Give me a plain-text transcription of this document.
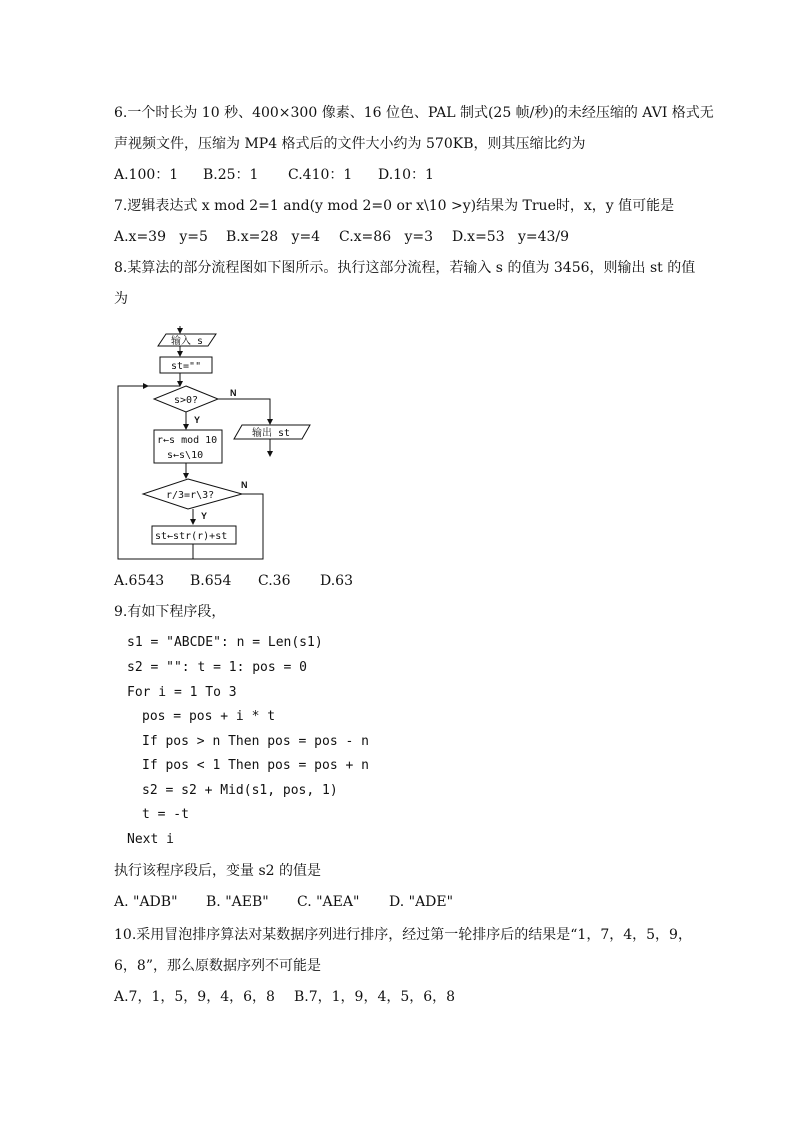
6.一个时长为 10 秒、400×300 像素、16 位色、PAL 制式(25 帧/秒)的未经压缩的 AVI 格式无
声视频文件，压缩为 MP4 格式后的文件大小约为 570KB，则其压缩比约为
A.100：1 B.25：1 C.410：1 D.10：1
7.逻辑表达式 x mod 2=1 and(y mod 2=0 or x\10 >y)结果为 True时，x，y 值可能是
A.x=39   y=5 B.x=28   y=4 C.x=86   y=3 D.x=53   y=43/9
8.某算法的部分流程图如下图所示。执行这部分流程，若输入 s 的值为 3456，则输出 st 的值
为
输入 s
st=""
s>0?
N
Y
输出 st
r←s mod 10
s←s\10
r/3=r\3?
N
Y
st←str(r)+st
A.6543 B.654 C.36 D.63
9.有如下程序段，
s1 = "ABCDE": n = Len(s1)
s2 = "": t = 1: pos = 0
For i = 1 To 3
pos = pos + i * t
If pos > n Then pos = pos - n
If pos < 1 Then pos = pos + n
s2 = s2 + Mid(s1, pos, 1)
t = -t
Next i
执行该程序段后，变量 s2 的值是
A. "ADB" B. "AEB" C. "AEA" D. "ADE"
10.采用冒泡排序算法对某数据序列进行排序，经过第一轮排序后的结果是“1，7，4，5，9，
6，8”，那么原数据序列不可能是
A.7，1，5，9，4，6，8 B.7，1，9，4，5，6，8
